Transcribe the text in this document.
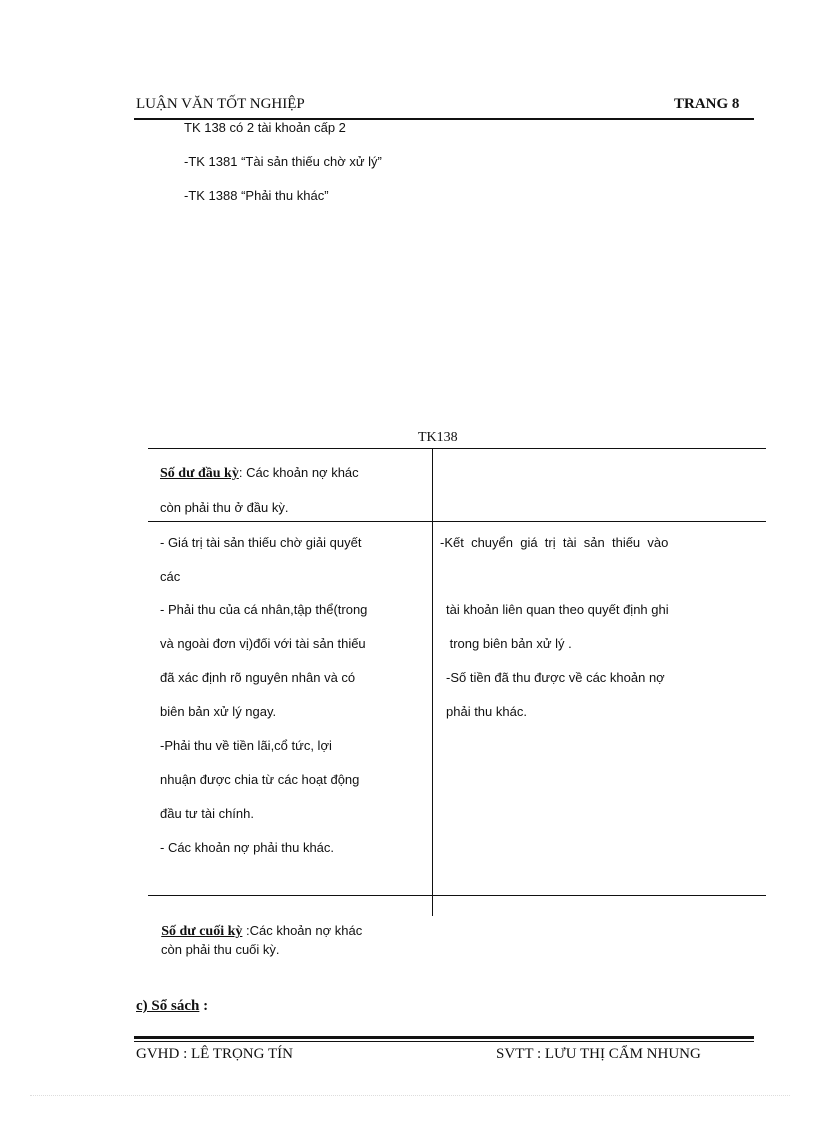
LUẬN VĂN TỐT NGHIỆP	TRANG 8
TK 138 có 2 tài khoản cấp 2
-TK 1381 “Tài sản thiếu chờ xử lý”
-TK 1388 “Phải thu khác”
TK138
Số dư đầu kỳ: Các khoản nợ khác
còn phải thu ở đầu kỳ.
- Giá trị tài sản thiếu chờ giải quyết
các
- Phải thu của cá nhân,tập thể(trong
và ngoài đơn vị)đối với tài sản thiếu
đã xác định rõ nguyên nhân và có
biên bản xử lý ngay.
-Phải thu về tiền lãi,cổ tức, lợi
nhuận được chia từ các hoạt động
đầu tư tài chính.
- Các khoản nợ phải thu khác.
-Kết  chuyển  giá  trị  tài  sản  thiếu  vào
tài khoản liên quan theo quyết định ghi
trong biên bản xử lý .
-Số tiền đã thu được về các khoản nợ
phải thu khác.

Số dư cuối kỳ :Các khoản nợ khác

còn phải thu cuối kỳ.
c) Sổ sách :
GVHD : LÊ TRỌNG TÍN	SVTT : LƯU THỊ CẨM NHUNG
